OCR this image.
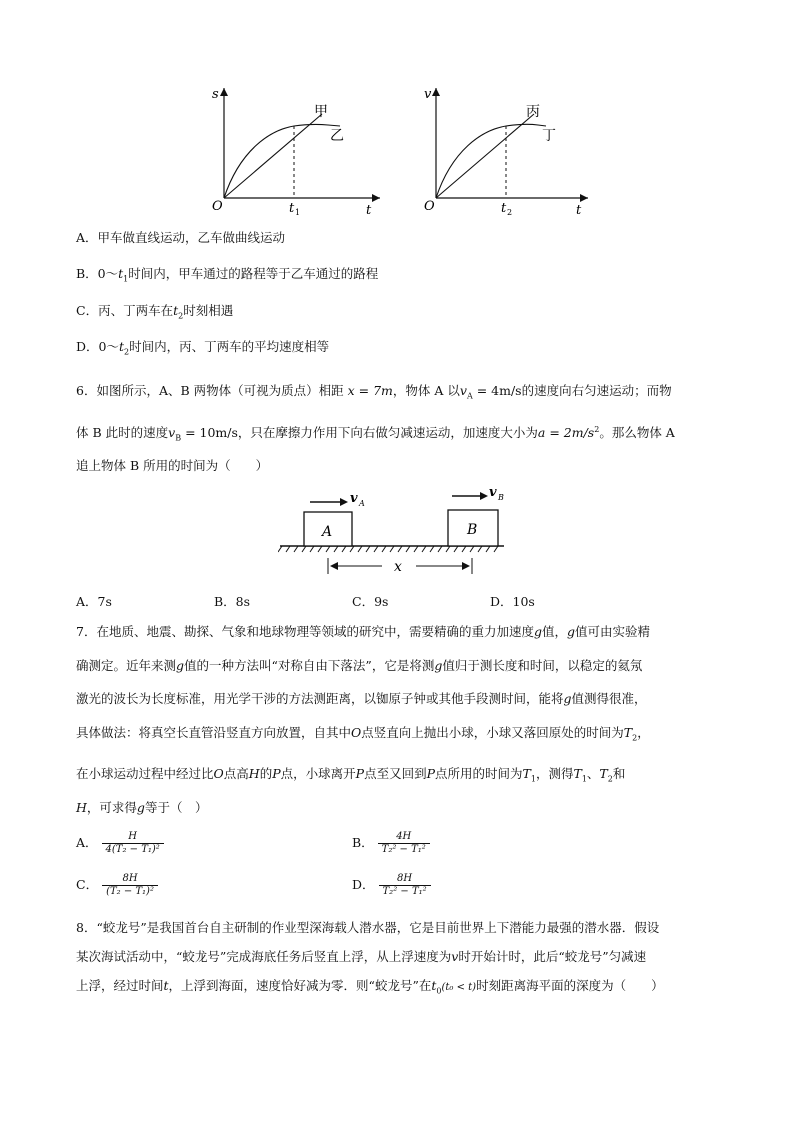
s
t
O	t 1
甲
乙
v
t
O	t 2
丙
丁
A．甲车做直线运动，乙车做曲线运动
B．$0\sim t_1$时间内，甲车通过的路程等于乙车通过的路程
C．丙、丁两车在$t_2$时刻相遇
D．$0\sim t_2$时间内，丙、丁两车的平均速度相等
6．如图所示，A、B 两物体（可视为质点）相距 x = 7m，物体 A 以$v_A = 4m/s$的速度向右匀速运动；而物
体 B 此时的速度$v_B = 10m/s$，只在摩擦力作用下向右做匀减速运动，加速度大小为$a = 2m/s^2$。那么物体 A
追上物体 B 所用的时间为（　　）
A	B
v A
v B
x
A．7s	B．8s	C．9s	D．10s
7．在地质、地震、勘探、气象和地球物理等领域的研究中，需要精确的重力加速度g值，g值可由实验精
确测定。近年来测g值的一种方法叫“对称自由下落法”，它是将测g值归于测长度和时间，以稳定的氦氖
激光的波长为长度标准，用光学干涉的方法测距离，以铷原子钟或其他手段测时间，能将g值测得很准，
具体做法：将真空长直管沿竖直方向放置，自其中O点竖直向上抛出小球，小球又落回原处的时间为$T_2$，
在小球运动过程中经过比O点高H的P点，小球离开P点至又回到P点所用的时间为$T_1$，测得$T_1$、$T_2$和
H，可求得g等于（　）
A． $\frac{H}{\text{4(T₂ − T₁)²}}$	B． $\frac{4H}{\text{T₂² − T₁²}}$
C． $\frac{8H}{\text{(T₂ − T₁)²}}$	D． $\frac{8H}{\text{T₂² − T₁²}}$
8．“蛟龙号”是我国首台自主研制的作业型深海载人潜水器，它是目前世界上下潜能力最强的潜水器．假设
某次海试活动中，“蛟龙号”完成海底任务后竖直上浮，从上浮速度为v时开始计时，此后“蛟龙号”匀减速
上浮，经过时间t，上浮到海面，速度恰好减为零．则“蛟龙号”在$t_0(t_0 < t)$时刻距离海平面的深度为（　　）
